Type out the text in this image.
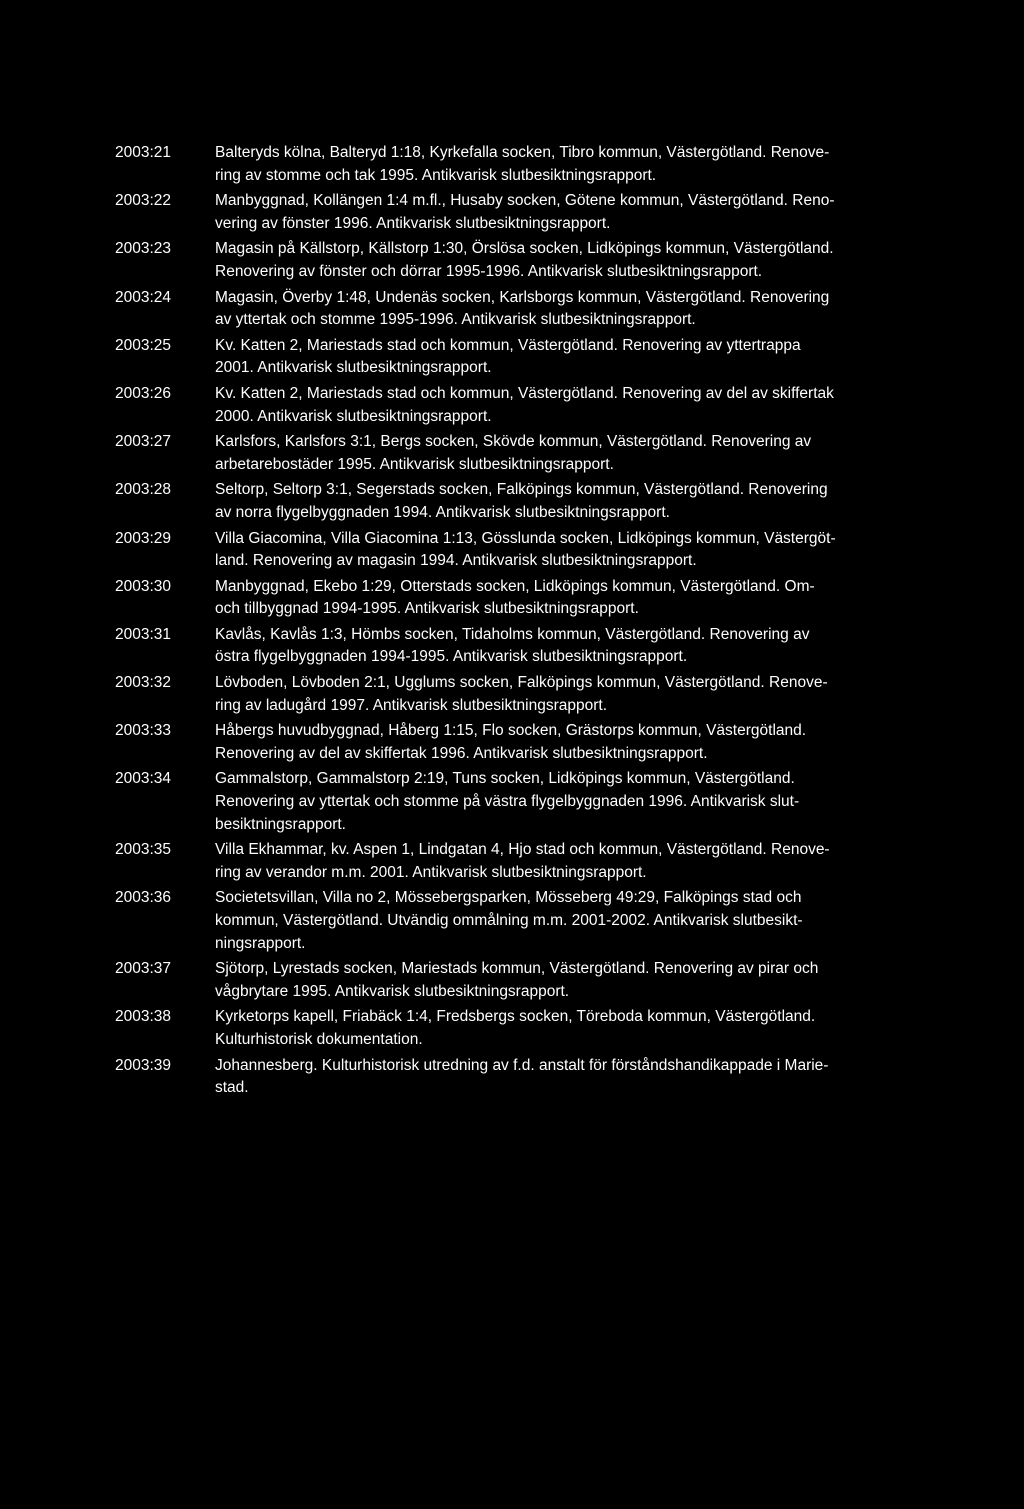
2003:21	Balteryds kölna, Balteryd 1:18, Kyrkefalla socken, Tibro kommun, Västergötland. Renove-
ring av stomme och tak 1995. Antikvarisk slutbesiktningsrapport.
2003:22	Manbyggnad, Kollängen 1:4 m.fl., Husaby socken, Götene kommun, Västergötland. Reno-
vering av fönster 1996. Antikvarisk slutbesiktningsrapport.
2003:23	Magasin på Källstorp, Källstorp 1:30, Örslösa socken, Lidköpings kommun, Västergötland.
Renovering av fönster och dörrar 1995-1996. Antikvarisk slutbesiktningsrapport.
2003:24	Magasin, Överby 1:48, Undenäs socken, Karlsborgs kommun, Västergötland. Renovering
av yttertak och stomme 1995-1996. Antikvarisk slutbesiktningsrapport.
2003:25	Kv. Katten 2, Mariestads stad och kommun, Västergötland. Renovering av yttertrappa
2001. Antikvarisk slutbesiktningsrapport.
2003:26	Kv. Katten 2, Mariestads stad och kommun, Västergötland. Renovering av del av skiffertak
2000. Antikvarisk slutbesiktningsrapport.
2003:27	Karlsfors, Karlsfors 3:1, Bergs socken, Skövde kommun, Västergötland. Renovering av
arbetarebostäder 1995. Antikvarisk slutbesiktningsrapport.
2003:28	Seltorp, Seltorp 3:1, Segerstads socken, Falköpings kommun, Västergötland. Renovering
av norra flygelbyggnaden 1994. Antikvarisk slutbesiktningsrapport.
2003:29	Villa Giacomina, Villa Giacomina 1:13, Gösslunda socken, Lidköpings kommun, Västergöt-
land. Renovering av magasin 1994. Antikvarisk slutbesiktningsrapport.
2003:30	Manbyggnad, Ekebo 1:29, Otterstads socken, Lidköpings kommun, Västergötland. Om-
och tillbyggnad 1994-1995. Antikvarisk slutbesiktningsrapport.
2003:31	Kavlås, Kavlås 1:3, Hömbs socken, Tidaholms kommun, Västergötland. Renovering av
östra flygelbyggnaden 1994-1995. Antikvarisk slutbesiktningsrapport.
2003:32	Lövboden, Lövboden 2:1, Ugglums socken, Falköpings kommun, Västergötland. Renove-
ring av ladugård 1997. Antikvarisk slutbesiktningsrapport.
2003:33	Håbergs huvudbyggnad, Håberg 1:15, Flo socken, Grästorps kommun, Västergötland.
Renovering av del av skiffertak 1996. Antikvarisk slutbesiktningsrapport.
2003:34	Gammalstorp, Gammalstorp 2:19, Tuns socken, Lidköpings kommun, Västergötland.
Renovering av yttertak och stomme på västra flygelbyggnaden 1996. Antikvarisk slut-
besiktningsrapport.
2003:35	Villa Ekhammar, kv. Aspen 1, Lindgatan 4, Hjo stad och kommun, Västergötland. Renove-
ring av verandor m.m. 2001. Antikvarisk slutbesiktningsrapport.
2003:36	Societetsvillan, Villa no 2, Mössebergsparken, Mösseberg 49:29, Falköpings stad och
kommun, Västergötland. Utvändig ommålning m.m. 2001-2002. Antikvarisk slutbesikt-
ningsrapport.
2003:37	Sjötorp, Lyrestads socken, Mariestads kommun, Västergötland. Renovering av pirar och
vågbrytare 1995. Antikvarisk slutbesiktningsrapport.
2003:38	Kyrketorps kapell, Friabäck 1:4, Fredsbergs socken, Töreboda kommun, Västergötland.
Kulturhistorisk dokumentation.
2003:39	Johannesberg. Kulturhistorisk utredning av f.d. anstalt för förståndshandikappade i Marie-
stad.
